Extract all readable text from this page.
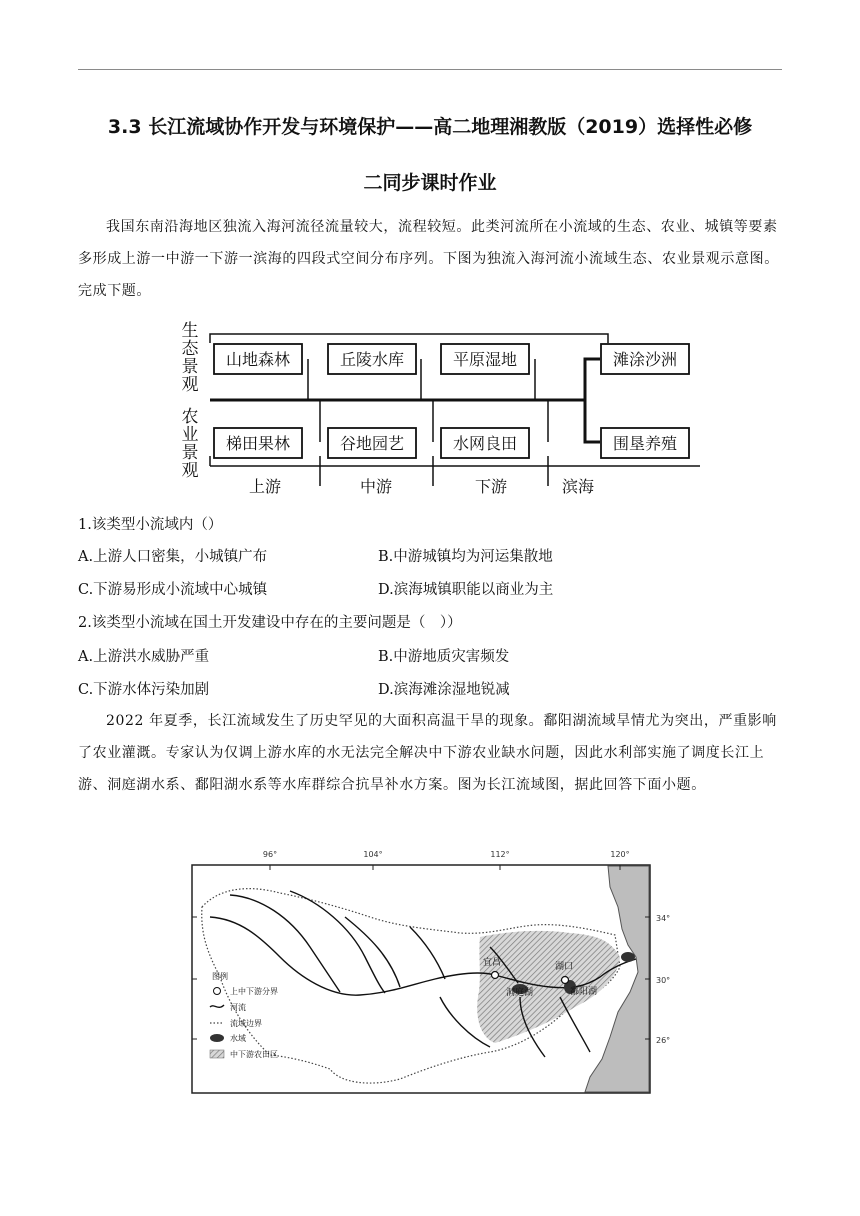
3.3 长江流域协作开发与环境保护——高二地理湘教版（2019）选择性必修
二同步课时作业

我国东南沿海地区独流入海河流径流量较大，流程较短。此类河流所在小流域的生态、农业、城镇等要素多形成上游一中游一下游一滨海的四段式空间分布序列。下图为独流入海河流小流域生态、农业景观示意图。完成下题。

生
态
景
观
农
业
景
观
山地森林	丘陵水库	平原湿地	滩涂沙洲
梯田果林	谷地园艺	水网良田	围垦养殖
上游	中游	下游	滨海
1.该类型小流域内（）
A.上游人口密集，小城镇广布	B.中游城镇均为河运集散地
C.下游易形成小流域中心城镇	D.滨海城镇职能以商业为主
2.该类型小流域在国土开发建设中存在的主要问题是（　））
A.上游洪水威胁严重	B.中游地质灾害频发
C.下游水体污染加剧	D.滨海滩涂湿地锐减

2022 年夏季，长江流域发生了历史罕见的大面积高温干旱的现象。鄱阳湖流域旱情尤为突出，严重影响了农业灌溉。专家认为仅调上游水库的水无法完全解决中下游农业缺水问题，因此水利部实施了调度长江上游、洞庭湖水系、鄱阳湖水系等水库群综合抗旱补水方案。图为长江流域图，据此回答下面小题。

96°	104°	112°	120°
34°
30°
26°
宜昌	湖口
洞庭湖	鄱阳湖
图例
上中下游分界
河流
流域边界
水域
中下游农田区
